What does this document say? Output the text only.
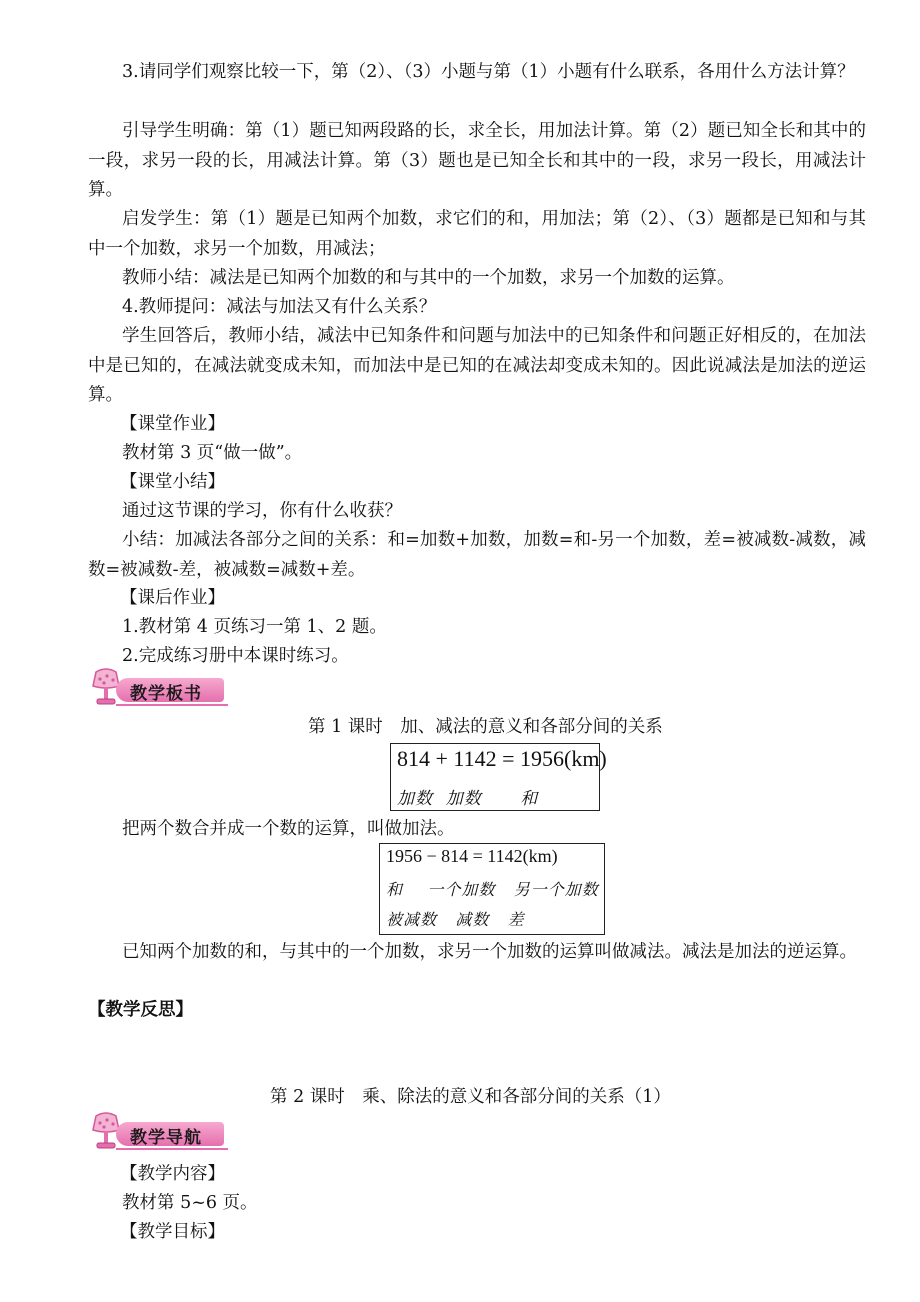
3.请同学们观察比较一下，第（2）、（3）小题与第（1）小题有什么联系，各用什么方法计算？

引导学生明确：第（1）题已知两段路的长，求全长，用加法计算。第（2）题已知全长和其中的一段，求另一段的长，用减法计算。第（3）题也是已知全长和其中的一段，求另一段长，用减法计算。

启发学生：第（1）题是已知两个加数，求它们的和，用加法；第（2）、（3）题都是已知和与其中一个加数，求另一个加数，用减法；

教师小结：减法是已知两个加数的和与其中的一个加数，求另一个加数的运算。

4.教师提问：减法与加法又有什么关系？

学生回答后，教师小结，减法中已知条件和问题与加法中的已知条件和问题正好相反的，在加法中是已知的，在减法就变成未知，而加法中是已知的在减法却变成未知的。因此说减法是加法的逆运算。

【课堂作业】

教材第 3 页“做一做”。

【课堂小结】

通过这节课的学习，你有什么收获？

小结：加减法各部分之间的关系：和=加数+加数，加数=和-另一个加数，差=被减数-减数，减数=被减数-差，被减数=减数+差。

【课后作业】

1.教材第 4 页练习一第 1、2 题。

2.完成练习册中本课时练习。

教学板书

第 1 课时　加、减法的意义和各部分间的关系

814 + 1142 = 1956(km)
加数  加数      和

把两个数合并成一个数的运算，叫做加法。

1956 − 814 = 1142(km)
和    一个加数   另一个加数
被减数   减数   差

已知两个加数的和，与其中的一个加数，求另一个加数的运算叫做减法。减法是加法的逆运算。

【教学反思】

第 2 课时　乘、除法的意义和各部分间的关系（1）

教学导航

【教学内容】

教材第 5~6 页。

【教学目标】
